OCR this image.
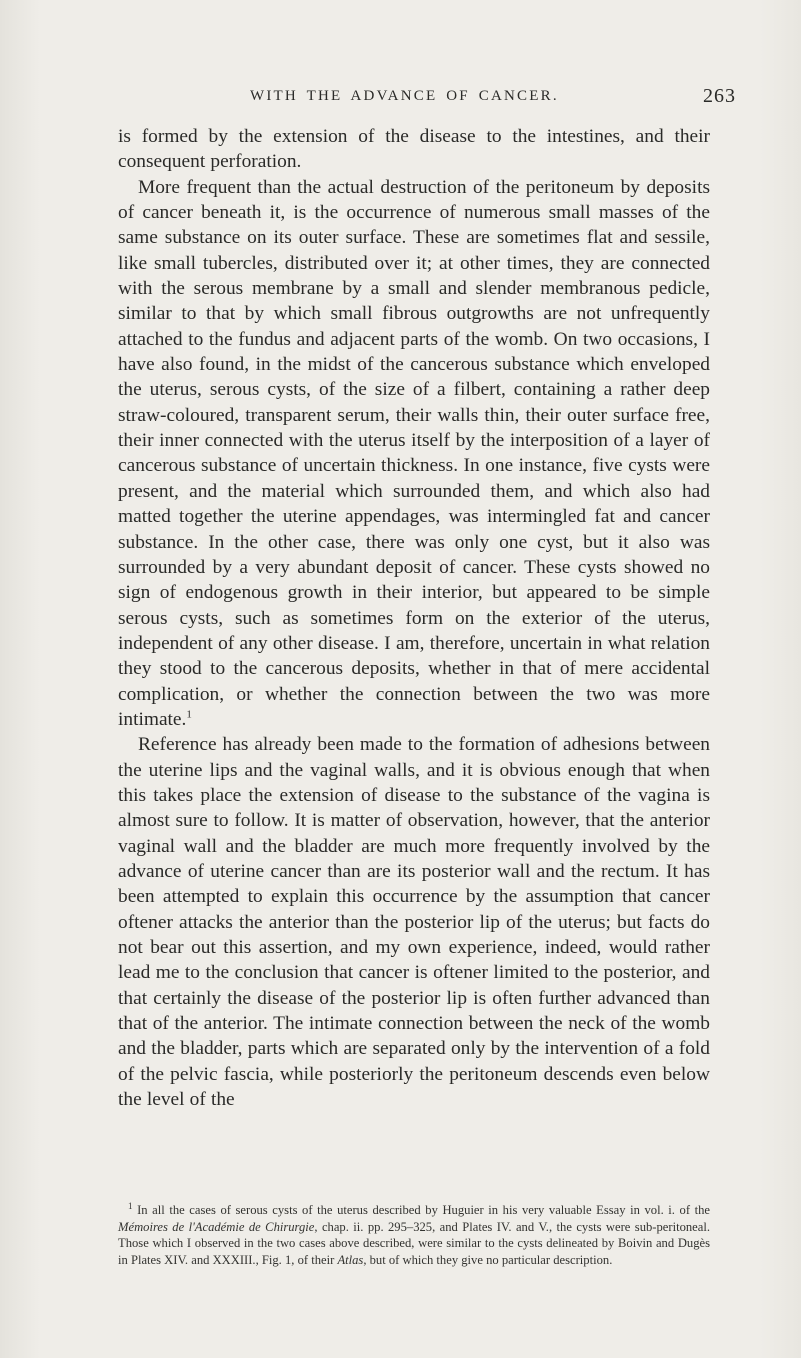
WITH THE ADVANCE OF CANCER.	263

is formed by the extension of the disease to the intestines, and their consequent perforation.

More frequent than the actual destruction of the peritoneum by deposits of cancer beneath it, is the occurrence of numerous small masses of the same substance on its outer surface. These are sometimes flat and sessile, like small tubercles, distributed over it; at other times, they are connected with the serous membrane by a small and slender membranous pedicle, similar to that by which small fibrous outgrowths are not unfrequently attached to the fundus and adjacent parts of the womb. On two occasions, I have also found, in the midst of the cancerous substance which enveloped the uterus, serous cysts, of the size of a filbert, containing a rather deep straw-coloured, transparent serum, their walls thin, their outer surface free, their inner connected with the uterus itself by the interposition of a layer of cancerous substance of uncertain thickness. In one instance, five cysts were present, and the material which surrounded them, and which also had matted together the uterine appendages, was intermingled fat and cancer substance. In the other case, there was only one cyst, but it also was surrounded by a very abundant deposit of cancer. These cysts showed no sign of endogenous growth in their interior, but appeared to be simple serous cysts, such as sometimes form on the exterior of the uterus, independent of any other disease. I am, therefore, uncertain in what relation they stood to the cancerous deposits, whether in that of mere accidental complication, or whether the connection between the two was more intimate.$^1$

Reference has already been made to the formation of adhesions between the uterine lips and the vaginal walls, and it is obvious enough that when this takes place the extension of disease to the substance of the vagina is almost sure to follow. It is matter of observation, however, that the anterior vaginal wall and the bladder are much more frequently involved by the advance of uterine cancer than are its posterior wall and the rectum. It has been attempted to explain this occurrence by the assumption that cancer oftener attacks the anterior than the posterior lip of the uterus; but facts do not bear out this assertion, and my own experience, indeed, would rather lead me to the conclusion that cancer is oftener limited to the posterior, and that certainly the disease of the posterior lip is often further advanced than that of the anterior. The intimate connection between the neck of the womb and the bladder, parts which are separated only by the intervention of a fold of the pelvic fascia, while posteriorly the peritoneum descends even below the level of the

$^1$ In all the cases of serous cysts of the uterus described by Huguier in his very valuable Essay in vol. i. of the Mémoires de l'Académie de Chirurgie, chap. ii. pp. 295–325, and Plates IV. and V., the cysts were sub-peritoneal. Those which I observed in the two cases above described, were similar to the cysts delineated by Boivin and Dugès in Plates XIV. and XXXIII., Fig. 1, of their Atlas, but of which they give no particular description.
